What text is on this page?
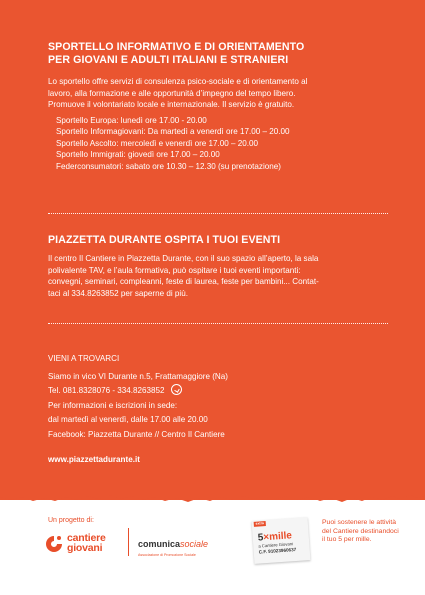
SPORTELLO INFORMATIVO E DI ORIENTAMENTO
PER GIOVANI E ADULTI ITALIANI E STRANIERI
Lo sportello offre servizi di consulenza psico-sociale e di orientamento al
lavoro, alla formazione e alle opportunità d’impegno del tempo libero.
Promuove il volontariato locale e internazionale. Il servizio è gratuito.
Sportello Europa: lunedì ore 17.00 - 20.00
Sportello Informagiovani: Da martedì a venerdì ore 17.00 – 20.00
Sportello Ascolto: mercoledì e venerdì ore 17.00 – 20.00
Sportello Immigrati: giovedì ore 17.00 – 20.00
Federconsumatori: sabato ore 10.30 – 12.30 (su prenotazione)
PIAZZETTA DURANTE OSPITA I TUOI EVENTI
Il centro Il Cantiere in Piazzetta Durante, con il suo spazio all’aperto, la sala
polivalente TAV, e l’aula formativa, può ospitare i tuoi eventi importanti:
convegni, seminari, compleanni, feste di laurea, feste per bambini... Contat-
taci al 334.8263852 per saperne di più.
VIENI A TROVARCI
Siamo in vico VI Durante n.5, Frattamaggiore (Na)
Tel. 081.8328076 - 334.8263852
Per informazioni e iscrizioni in sede:
dal martedì al venerdì, dalle 17.00 alle 20.00
Facebook: Piazzetta Durante // Centro Il Cantiere
www.piazzettadurante.it
Un progetto di:
cantiere
giovani	comunicasociale
Associazione di Promozione Sociale
extra
5×mille
a Cantiere Giovani
C.F. 91023960637
Puoi sostenere le attività del Cantiere destinandoci il tuo 5 per mille.
